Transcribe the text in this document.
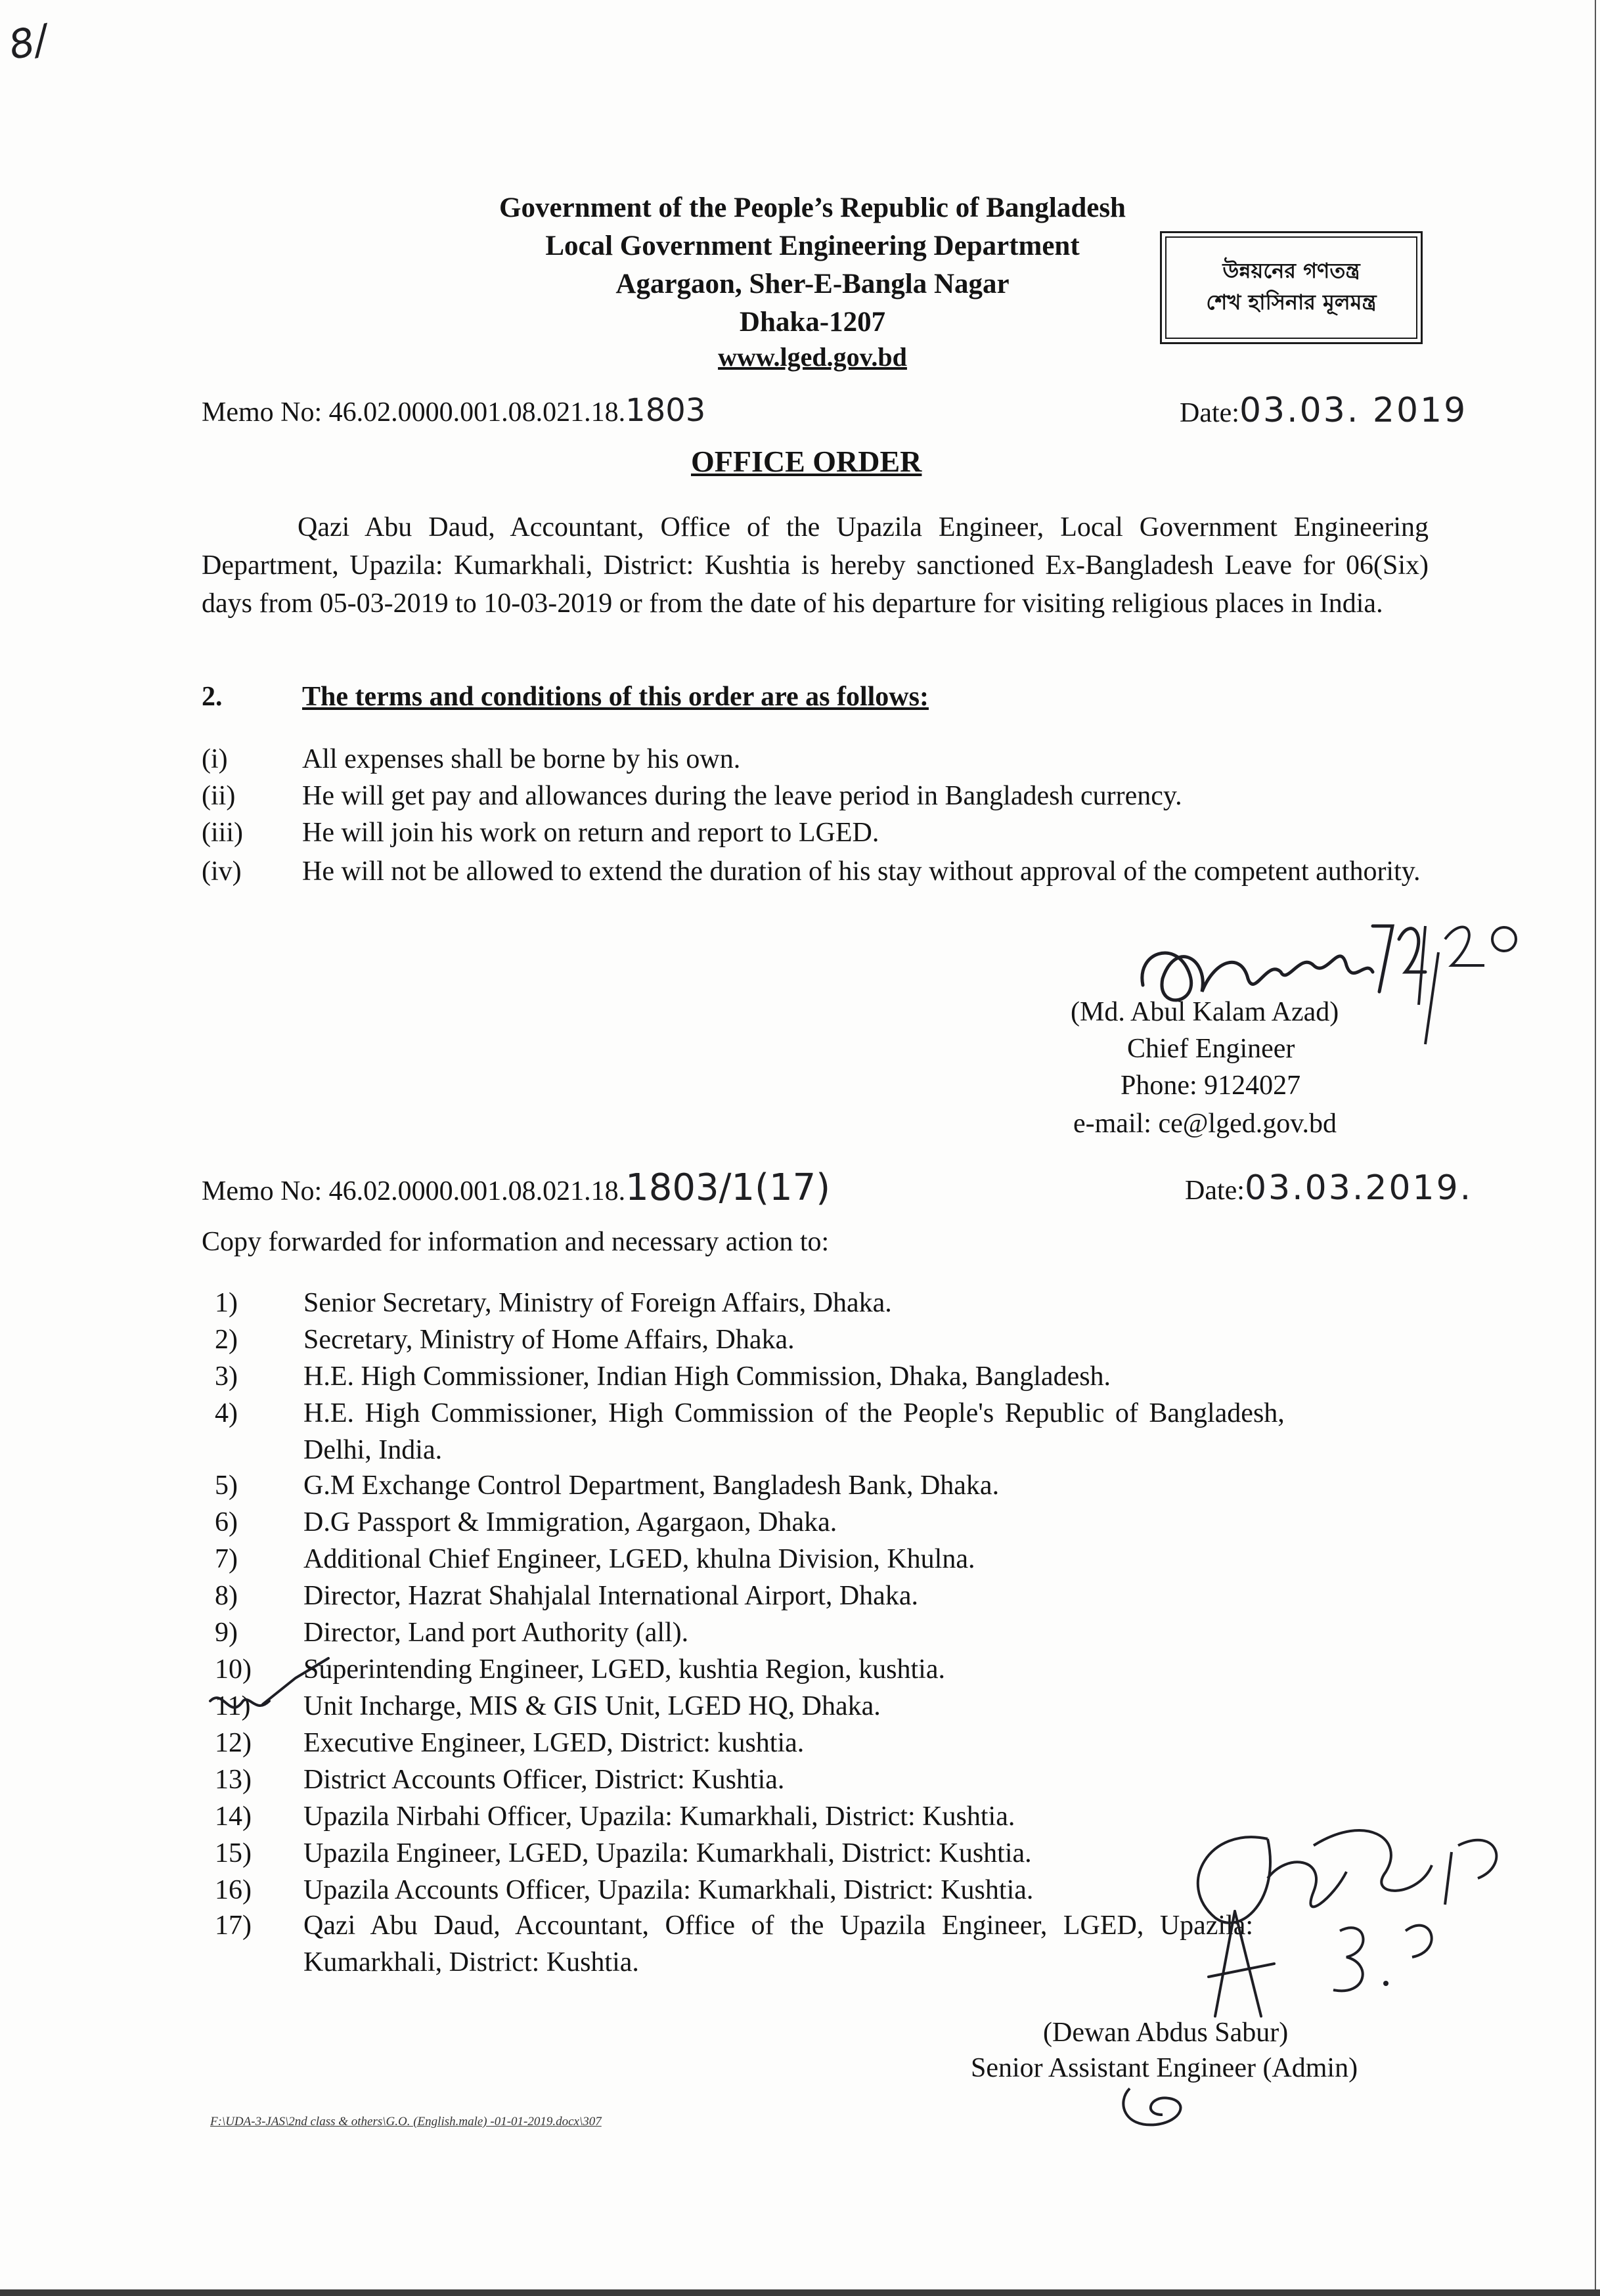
8/
Government of the People’s Republic of Bangladesh
Local Government Engineering Department
Agargaon, Sher-E-Bangla Nagar
Dhaka-1207
www.lged.gov.bd
উন্নয়নের গণতন্ত্র
শেখ হাসিনার মূলমন্ত্র
Memo No: 46.02.0000.001.08.021.18.1803	Date:03.03. 2019
OFFICE ORDER
Qazi Abu Daud, Accountant, Office of the Upazila Engineer, Local Government Engineering Department, Upazila: Kumarkhali, District: Kushtia is hereby sanctioned Ex-Bangladesh Leave for 06(Six) days from 05-03-2019 to 10-03-2019 or from the date of his departure for visiting religious places in India.
2.	The terms and conditions of this order are as follows:
(i)	All expenses shall be borne by his own.
(ii) He will get pay and allowances during the leave period in Bangladesh currency.
(iii) He will join his work on return and report to LGED.
(iv) He will not be allowed to extend the duration of his stay without approval of the competent authority.
(Md. Abul Kalam Azad)
Chief Engineer
Phone: 9124027
e-mail: ce@lged.gov.bd
Memo No: 46.02.0000.001.08.021.18.1803/1(17)	Date:03.03.2019.
Copy forwarded for information and necessary action to:
1) Senior Secretary, Ministry of Foreign Affairs, Dhaka.
2) Secretary, Ministry of Home Affairs, Dhaka.
3) H.E. High Commissioner, Indian High Commission, Dhaka, Bangladesh.
4) H.E. High Commissioner, High Commission of the People's Republic of Bangladesh,
Delhi, India.
5) G.M Exchange Control Department, Bangladesh Bank, Dhaka.
6) D.G Passport & Immigration, Agargaon, Dhaka.
7) Additional Chief Engineer, LGED, khulna Division, Khulna.
8) Director, Hazrat Shahjalal International Airport, Dhaka.
9) Director, Land port Authority (all).
10) Superintending Engineer, LGED, kushtia Region, kushtia.
11) Unit Incharge, MIS & GIS Unit, LGED HQ, Dhaka.
12) Executive Engineer, LGED, District: kushtia.
13) District Accounts Officer, District: Kushtia.
14) Upazila Nirbahi Officer, Upazila: Kumarkhali, District: Kushtia.
15) Upazila Engineer, LGED, Upazila: Kumarkhali, District: Kushtia.
16) Upazila Accounts Officer, Upazila: Kumarkhali, District: Kushtia.
17) Qazi Abu Daud, Accountant, Office of the Upazila Engineer, LGED, Upazila:
Kumarkhali, District: Kushtia.
(Dewan Abdus Sabur)
Senior Assistant Engineer (Admin)
F:\UDA-3-JAS\2nd class & others\G.O. (English.male) -01-01-2019.docx\307
